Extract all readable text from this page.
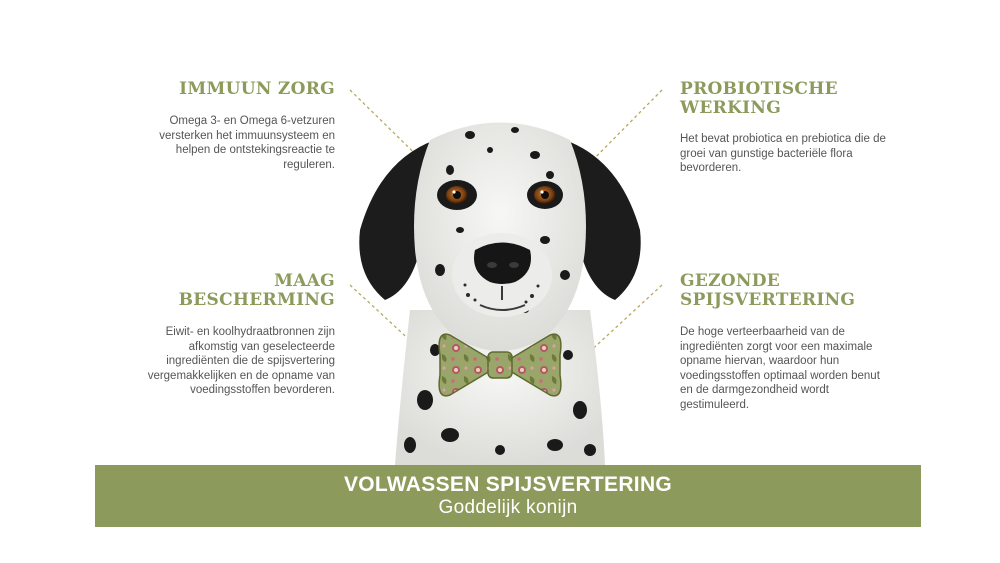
IMMUUN ZORG
Omega 3- en Omega 6-vetzuren versterken het immuunsysteem en helpen de ontstekingsreactie te reguleren.
MAAG
BESCHERMING
Eiwit- en koolhydraatbronnen zijn afkomstig van geselecteerde ingrediënten die de spijsvertering vergemakkelijken en de opname van voedingsstoffen bevorderen.
PROBIOTISCHE
WERKING
Het bevat probiotica en prebiotica die de groei van gunstige bacteriële flora bevorderen.
GEZONDE
SPIJSVERTERING
De hoge verteerbaarheid van de ingrediënten zorgt voor een maximale opname hiervan, waardoor hun voedingsstoffen optimaal worden benut en de darmgezondheid wordt gestimuleerd.
VOLWASSEN SPIJSVERTERING
Goddelijk konijn
